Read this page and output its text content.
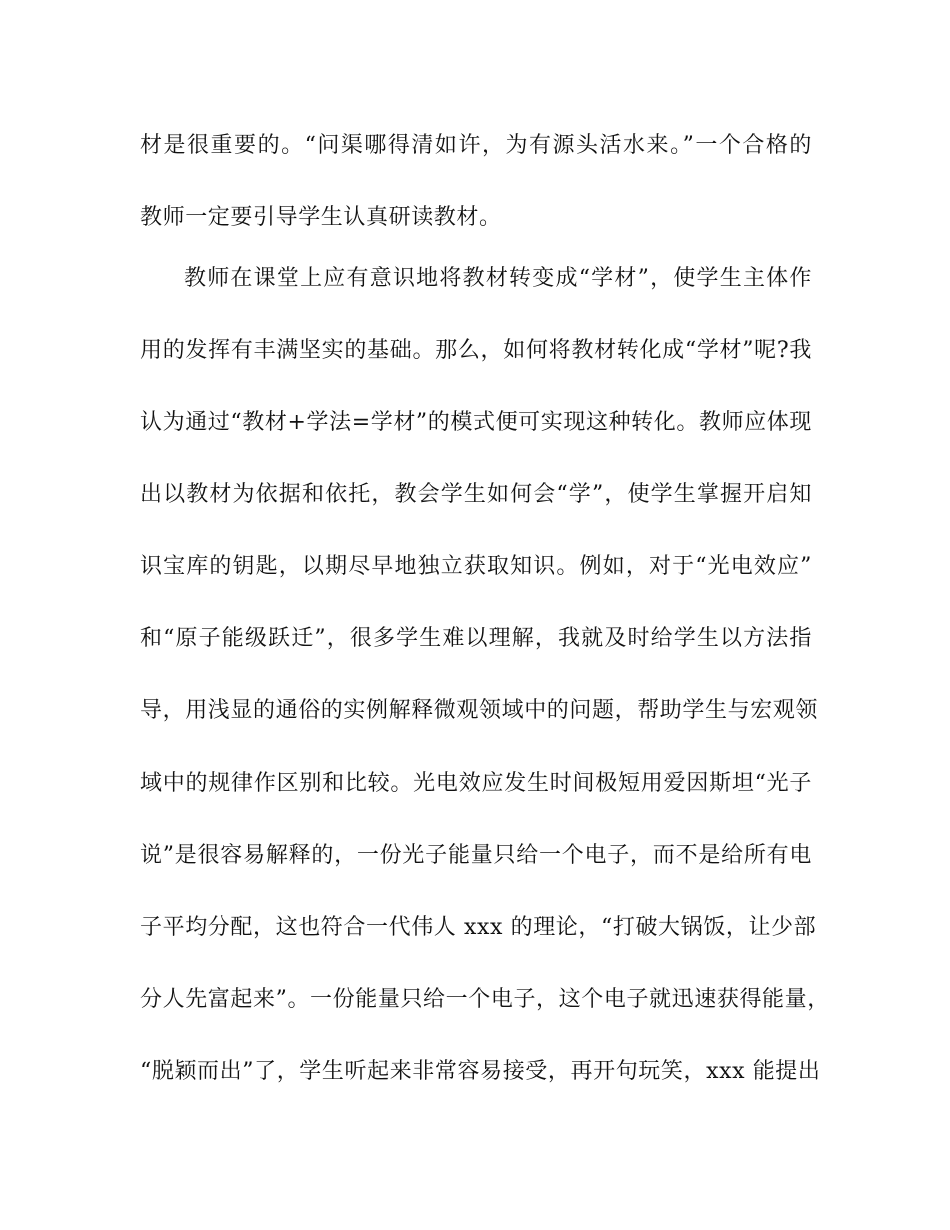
材是很重要的。“问渠哪得清如许，为有源头活水来。”一个合格的
教师一定要引导学生认真研读教材。
教师在课堂上应有意识地将教材转变成“学材”，使学生主体作
用的发挥有丰满坚实的基础。那么，如何将教材转化成“学材”呢?我
认为通过“教材+学法=学材”的模式便可实现这种转化。教师应体现
出以教材为依据和依托，教会学生如何会“学”，使学生掌握开启知
识宝库的钥匙，以期尽早地独立获取知识。例如，对于“光电效应”
和“原子能级跃迁”，很多学生难以理解，我就及时给学生以方法指
导，用浅显的通俗的实例解释微观领域中的问题，帮助学生与宏观领
域中的规律作区别和比较。光电效应发生时间极短用爱因斯坦“光子
说”是很容易解释的，一份光子能量只给一个电子，而不是给所有电
子平均分配，这也符合一代伟人 xxx 的理论，“打破大锅饭，让少部
分人先富起来”。一份能量只给一个电子，这个电子就迅速获得能量，
“脱颖而出”了，学生听起来非常容易接受，再开句玩笑，xxx 能提出
